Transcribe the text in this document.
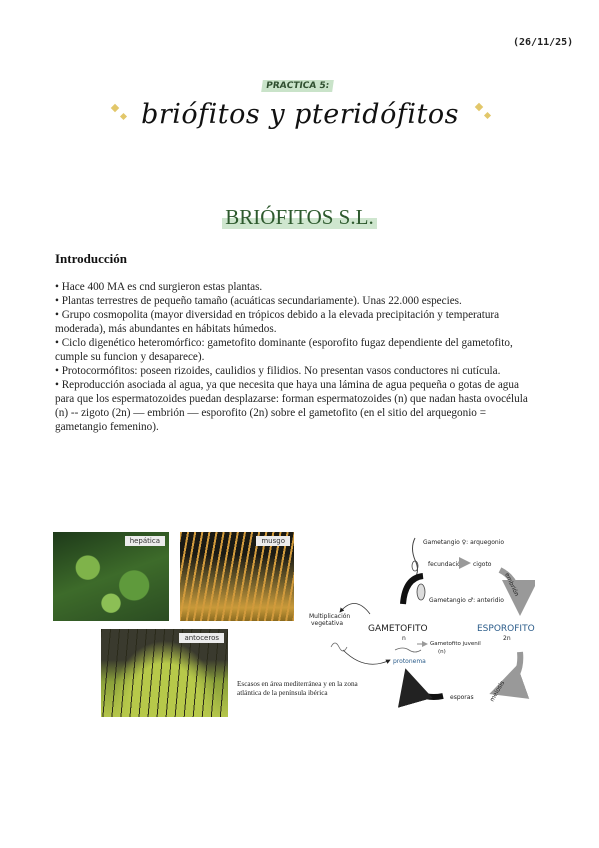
(26/11/25)
PRACTICA 5:
briófitos y pteridófitos
BRIÓFITOS S.L.
Introducción

• Hace 400 MA es cnd surgieron estas plantas.

• Plantas terrestres de pequeño tamaño (acuáticas secundariamente). Unas 22.000 especies.

• Grupo cosmopolita (mayor diversidad en trópicos debido a la elevada precipitación y temperatura moderada), más abundantes en hábitats húmedos.

• Ciclo digenético heteromórfico: gametofito dominante (esporofito fugaz dependiente del gametofito, cumple su funcion y desaparece).

• Protocormófitos: poseen rizoides, caulidios y filidios. No presentan vasos conductores ni cutícula.

• Reproducción asociada al agua, ya que necesita que haya una lámina de agua pequeña o gotas de agua para que los espermatozoides puedan desplazarse: forman espermatozoides (n) que nadan hasta ovocélula (n) -- zigoto (2n) — embrión — esporofito (2n) sobre el gametofito (en el sitio del arquegonio = gametangio femenino).

hepática	musgo
antoceros
Escasos en área mediterránea y en la zona atlántica de la península ibérica
Gametangio ♀: arquegonio
fecundación cigoto
Gametangio ♂: anteridio
embrión
Multiplicación
vegetativa
GAMETOFITO
n
ESPOROFITO
2n
Gametofito juvenil
(n)
protonema
meiosis
esporas
